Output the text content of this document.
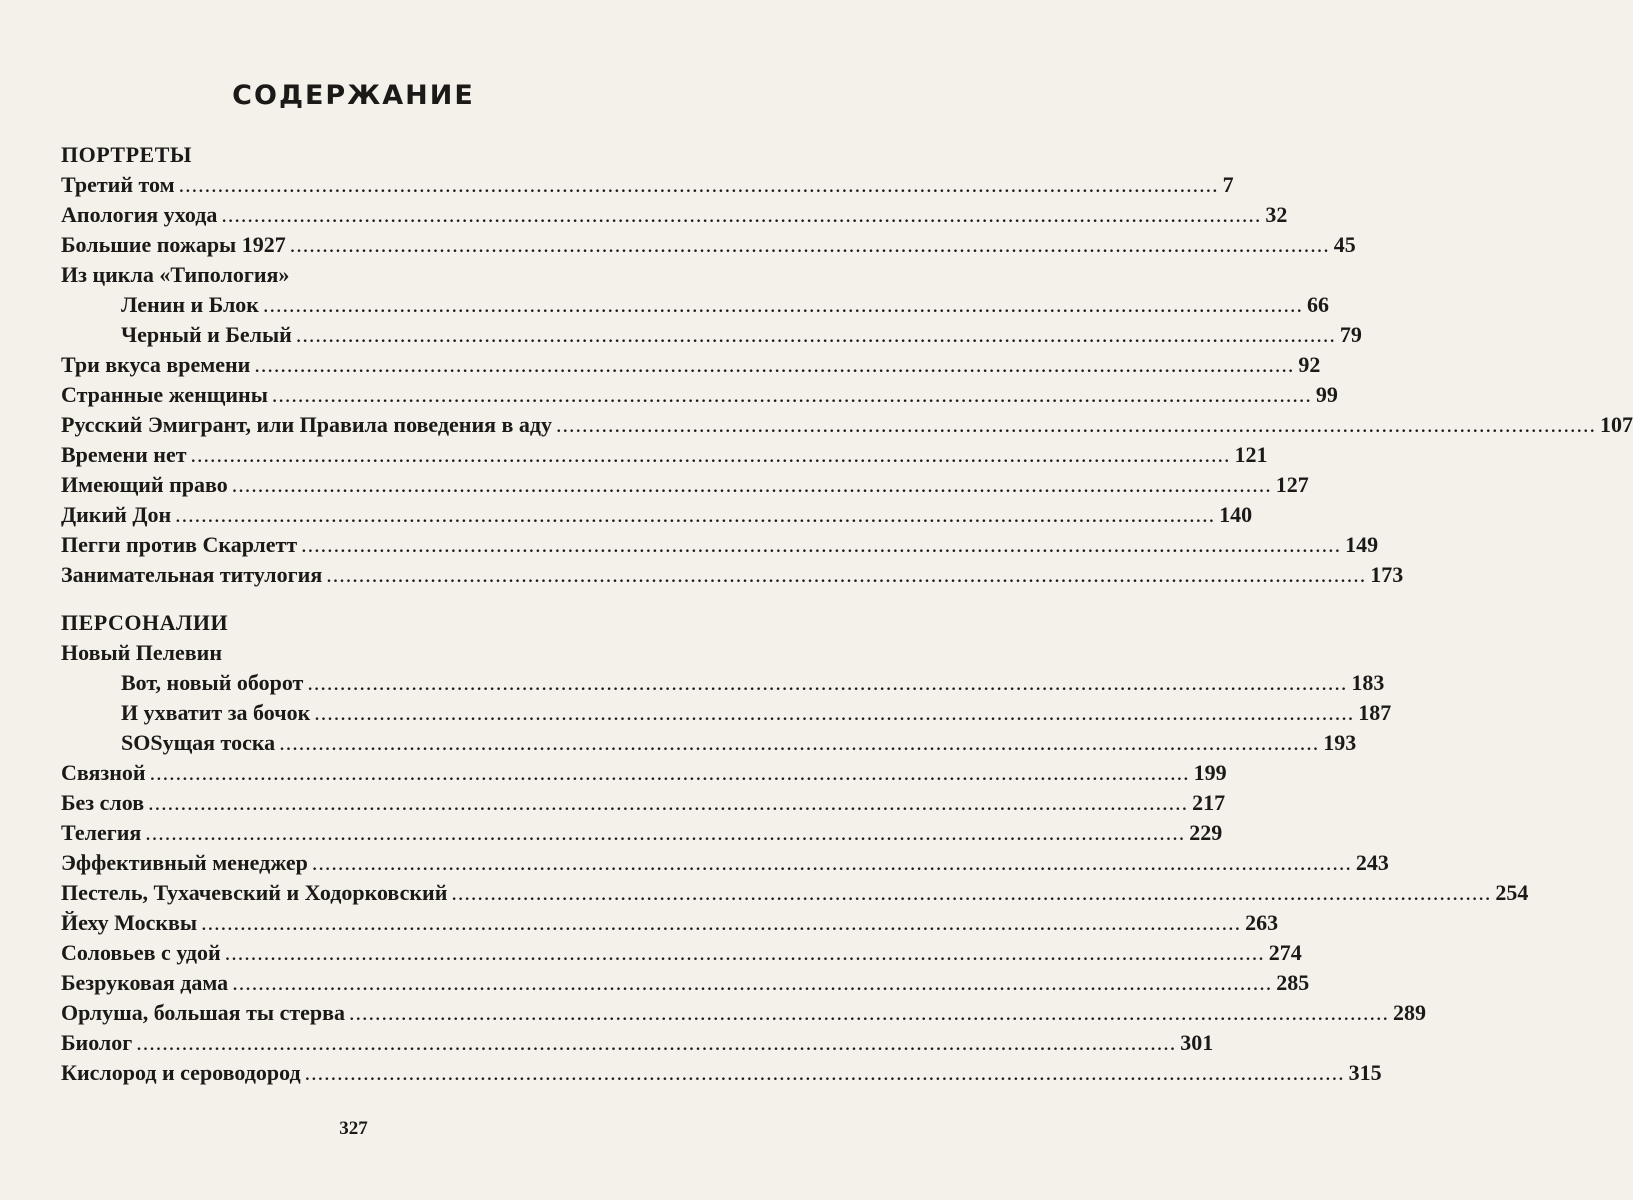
СОДЕРЖАНИЕ
ПОРТРЕТЫ
Третий том ................................................................................................................................................................ 7
Апология ухода ................................................................................................................................................................ 32
Большие пожары 1927 ................................................................................................................................................................ 45
Из цикла «Типология»
Ленин и Блок ................................................................................................................................................................ 66
Черный и Белый ................................................................................................................................................................ 79
Три вкуса времени ................................................................................................................................................................ 92
Странные женщины ................................................................................................................................................................ 99
Русский Эмигрант, или Правила поведения в аду ................................................................................................................................................................ 107
Времени нет ................................................................................................................................................................ 121
Имеющий право ................................................................................................................................................................ 127
Дикий Дон ................................................................................................................................................................ 140
Пегги против Скарлетт ................................................................................................................................................................ 149
Занимательная титулогия ................................................................................................................................................................ 173
ПЕРСОНАЛИИ
Новый Пелевин
Вот, новый оборот ................................................................................................................................................................ 183
И ухватит за бочок ................................................................................................................................................................ 187
SOSущая тоска ................................................................................................................................................................ 193
Связной ................................................................................................................................................................ 199
Без слов ................................................................................................................................................................ 217
Телегия ................................................................................................................................................................ 229
Эффективный менеджер ................................................................................................................................................................ 243
Пестель, Тухачевский и Ходорковский ................................................................................................................................................................ 254
Йеху Москвы ................................................................................................................................................................ 263
Соловьев с удой ................................................................................................................................................................ 274
Безруковая дама ................................................................................................................................................................ 285
Орлуша, большая ты стерва ................................................................................................................................................................ 289
Биолог ................................................................................................................................................................ 301
Кислород и сероводород ................................................................................................................................................................ 315
327
